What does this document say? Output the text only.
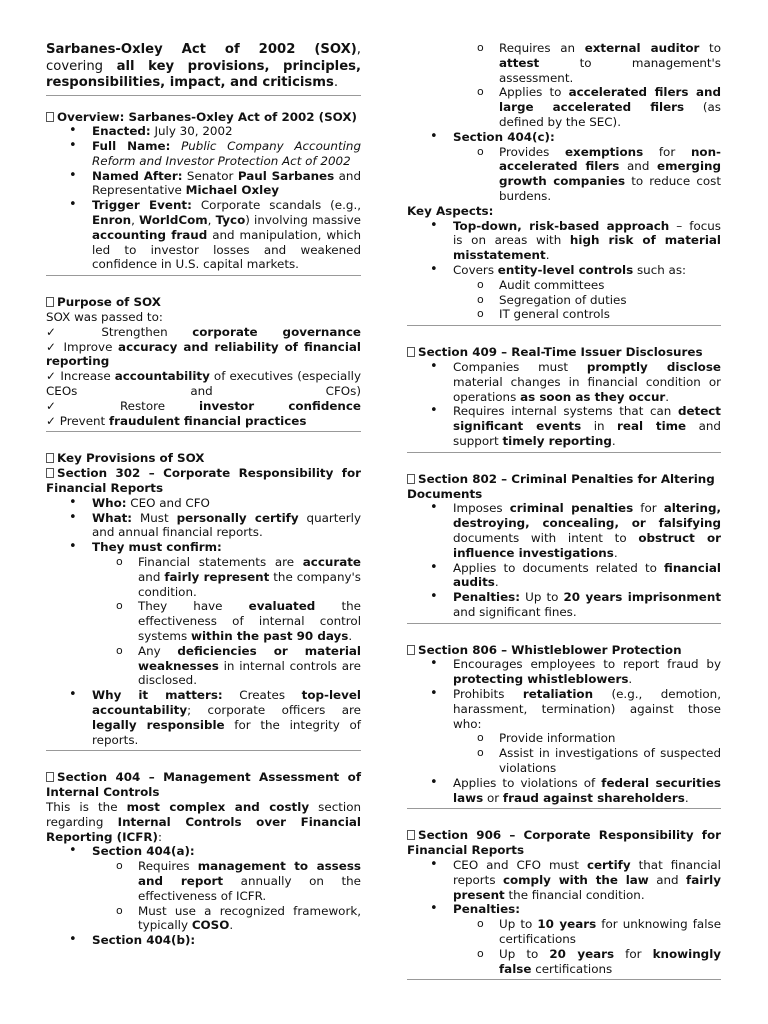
Sarbanes-Oxley Act of 2002 (SOX), covering all key provisions, principles, responsibilities, impact, and criticisms.
Overview: Sarbanes-Oxley Act of 2002 (SOX)
• Enacted: July 30, 2002
• Full Name: Public Company Accounting Reform and Investor Protection Act of 2002
• Named After: Senator Paul Sarbanes and Representative Michael Oxley
• Trigger Event: Corporate scandals (e.g., Enron, WorldCom, Tyco) involving massive accounting fraud and manipulation, which led to investor losses and weakened confidence in U.S. capital markets.
Purpose of SOX
SOX was passed to:
✓ Strengthen corporate governance
✓ Improve accuracy and reliability of financial reporting
✓ Increase accountability of executives (especially CEOs and CFOs)
✓ Restore investor confidence
✓ Prevent fraudulent financial practices
Key Provisions of SOX
Section 302 – Corporate Responsibility for Financial Reports
• Who: CEO and CFO
• What: Must personally certify quarterly and annual financial reports.
• They must confirm:
o Financial statements are accurate and fairly represent the company's condition.
o They have evaluated the effectiveness of internal control systems within the past 90 days.
o Any deficiencies or material weaknesses in internal controls are disclosed.
• Why it matters: Creates top-level accountability; corporate officers are legally responsible for the integrity of reports.
Section 404 – Management Assessment of Internal Controls
This is the most complex and costly section regarding Internal Controls over Financial Reporting (ICFR):
• Section 404(a):
o Requires management to assess and report annually on the effectiveness of ICFR.
o Must use a recognized framework, typically COSO.
• Section 404(b):
o Requires an external auditor to attest to management's assessment.
o Applies to accelerated filers and large accelerated filers (as defined by the SEC).
• Section 404(c):
o Provides exemptions for non-accelerated filers and emerging growth companies to reduce cost burdens.
Key Aspects:
• Top-down, risk-based approach – focus is on areas with high risk of material misstatement.
• Covers entity-level controls such as:
o Audit committees
o Segregation of duties
o IT general controls
Section 409 – Real-Time Issuer Disclosures
• Companies must promptly disclose material changes in financial condition or operations as soon as they occur.
• Requires internal systems that can detect significant events in real time and support timely reporting.
Section 802 – Criminal Penalties for Altering Documents
• Imposes criminal penalties for altering, destroying, concealing, or falsifying documents with intent to obstruct or influence investigations.
• Applies to documents related to financial audits.
• Penalties: Up to 20 years imprisonment and significant fines.
Section 806 – Whistleblower Protection
• Encourages employees to report fraud by protecting whistleblowers.
• Prohibits retaliation (e.g., demotion, harassment, termination) against those who:
o Provide information
o Assist in investigations of suspected violations
• Applies to violations of federal securities laws or fraud against shareholders.
Section 906 – Corporate Responsibility for Financial Reports
• CEO and CFO must certify that financial reports comply with the law and fairly present the financial condition.
• Penalties:
o Up to 10 years for unknowing false certifications
o Up to 20 years for knowingly false certifications
